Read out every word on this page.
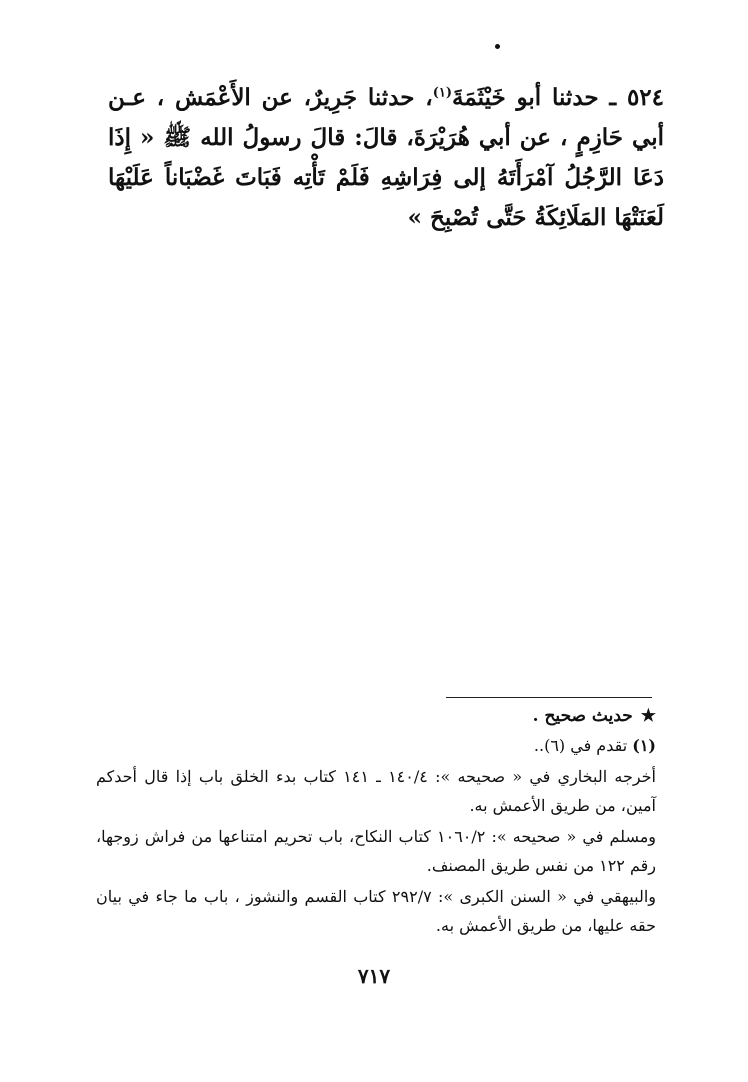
٥٢٤ ـ حدثنا أبو خَيْثَمَةَ$^{(١)}$، حدثنا جَرِيرٌ، عن الأَعْمَش ، عـن أبي حَازِمٍ ، عن أبي هُرَيْرَةَ، قالَ: قالَ رسولُ الله ﷺ « إِذَا دَعَا الرَّجُلُ آمْرَأَتَهُ إلى فِرَاشِهِ فَلَمْ تَأْتِه فَبَاتَ غَضْبَاناً عَلَيْهَا لَعَنَتْهَا المَلَائِكَةُ حَتَّى تُصْبِحَ »

★حديث صحيح .

(١) تقدم في (٦)..

أخرجه البخاري في « صحيحه »: ١٤٠/٤ ـ ١٤١ كتاب بدء الخلق باب إذا قال أحدكم آمين، من طريق الأعمش به.

ومسلم في « صحيحه »: ١٠٦٠/٢ كتاب النكاح، باب تحريم امتناعها من فراش زوجها، رقم ١٢٢ من نفس طريق المصنف.

والبيهقي في « السنن الكبرى »: ٢٩٢/٧ كتاب القسم والنشوز ، باب ما جاء في بيان حقه عليها، من طريق الأعمش به.

٧١٧
